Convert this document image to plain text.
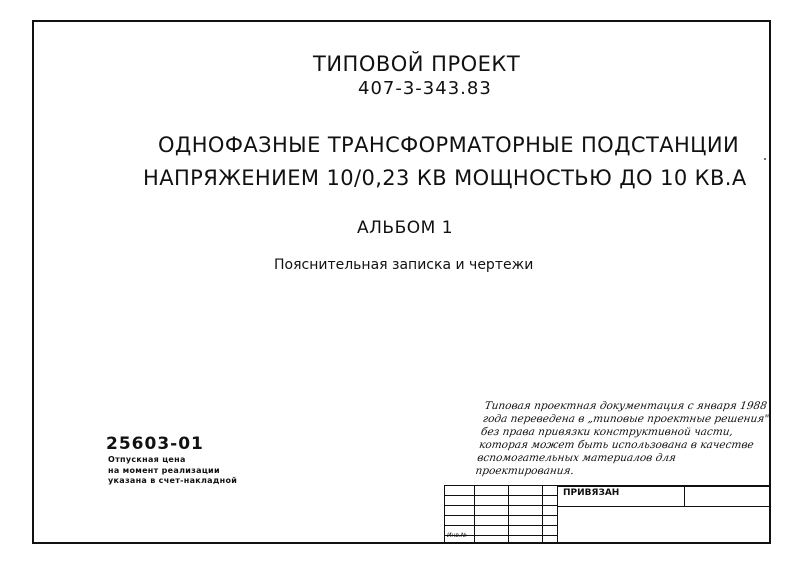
ТИПОВОЙ ПРОЕКТ
407-3-343.83
ОДНОФАЗНЫЕ ТРАНСФОРМАТОРНЫЕ ПОДСТАНЦИИ
НАПРЯЖЕНИЕМ 10/0,23 КВ МОЩНОСТЬЮ ДО 10 КВ.А
АЛЬБОМ 1
Пояснительная записка и чертежи
Типовая проектная документация с января 1988 года переведена в „типовые проектные решения" без права привязки конструктивной части, которая может быть использована в качестве вспомогательных материалов для проектирования.
25603-01
Отпускная цена
на момент реализации
указана в счет-накладной
ПРИВЯЗАН
Инв.№
